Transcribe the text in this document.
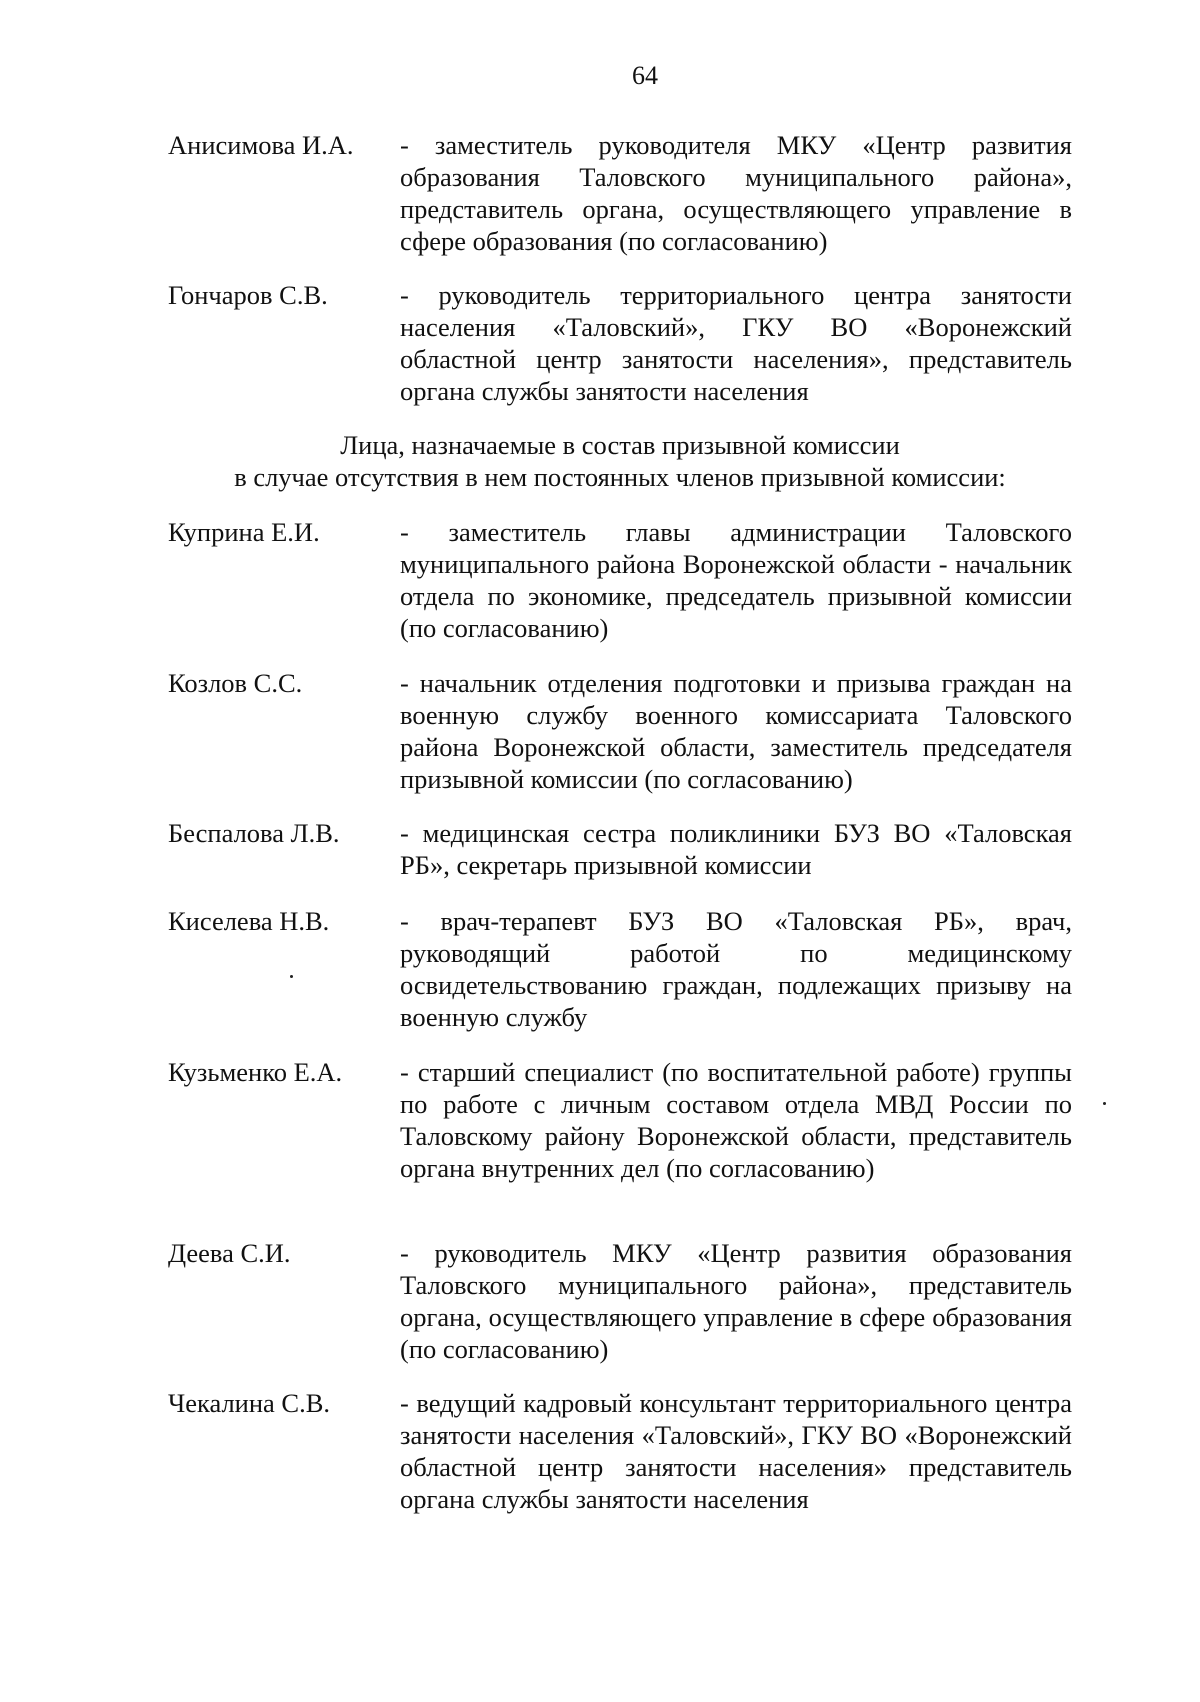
64
Анисимова И.А. - заместитель руководителя МКУ «Центр развития образования Таловского муниципального района», представитель органа, осуществляющего управление в сфере образования (по согласованию)
Гончаров С.В.	- руководитель территориального центра занятости населения «Таловский», ГКУ ВО «Воронежский областной центр занятости населения», представитель органа службы занятости населения
Лица, назначаемые в состав призывной комиссии
в случае отсутствия в нем постоянных членов призывной комиссии:
Куприна Е.И.	- заместитель главы администрации Таловского муниципального района Воронежской области - начальник отдела по экономике, председатель призывной комиссии (по согласованию)
Козлов С.С.	- начальник отделения подготовки и призыва граждан на военную службу военного комиссариата Таловского района Воронежской области, заместитель председателя призывной комиссии (по согласованию)
Беспалова Л.В. - медицинская сестра поликлиники БУЗ ВО «Таловская РБ», секретарь призывной комиссии
Киселева Н.В.	- врач-терапевт БУЗ ВО «Таловская РБ», врач, руководящий работой по медицинскому освидетельствованию граждан, подлежащих призыву на военную службу
Кузьменко Е.А. - старший специалист (по воспитательной работе) группы по работе с личным составом отдела МВД России по Таловскому району Воронежской области, представитель органа внутренних дел (по согласованию)
Деева С.И.	- руководитель МКУ «Центр развития образования Таловского муниципального района», представитель органа, осуществляющего управление в сфере образования (по согласованию)
Чекалина С.В.	- ведущий кадровый консультант территориального центра занятости населения «Таловский», ГКУ ВО «Воронежский областной центр занятости населения» представитель органа службы занятости населения
